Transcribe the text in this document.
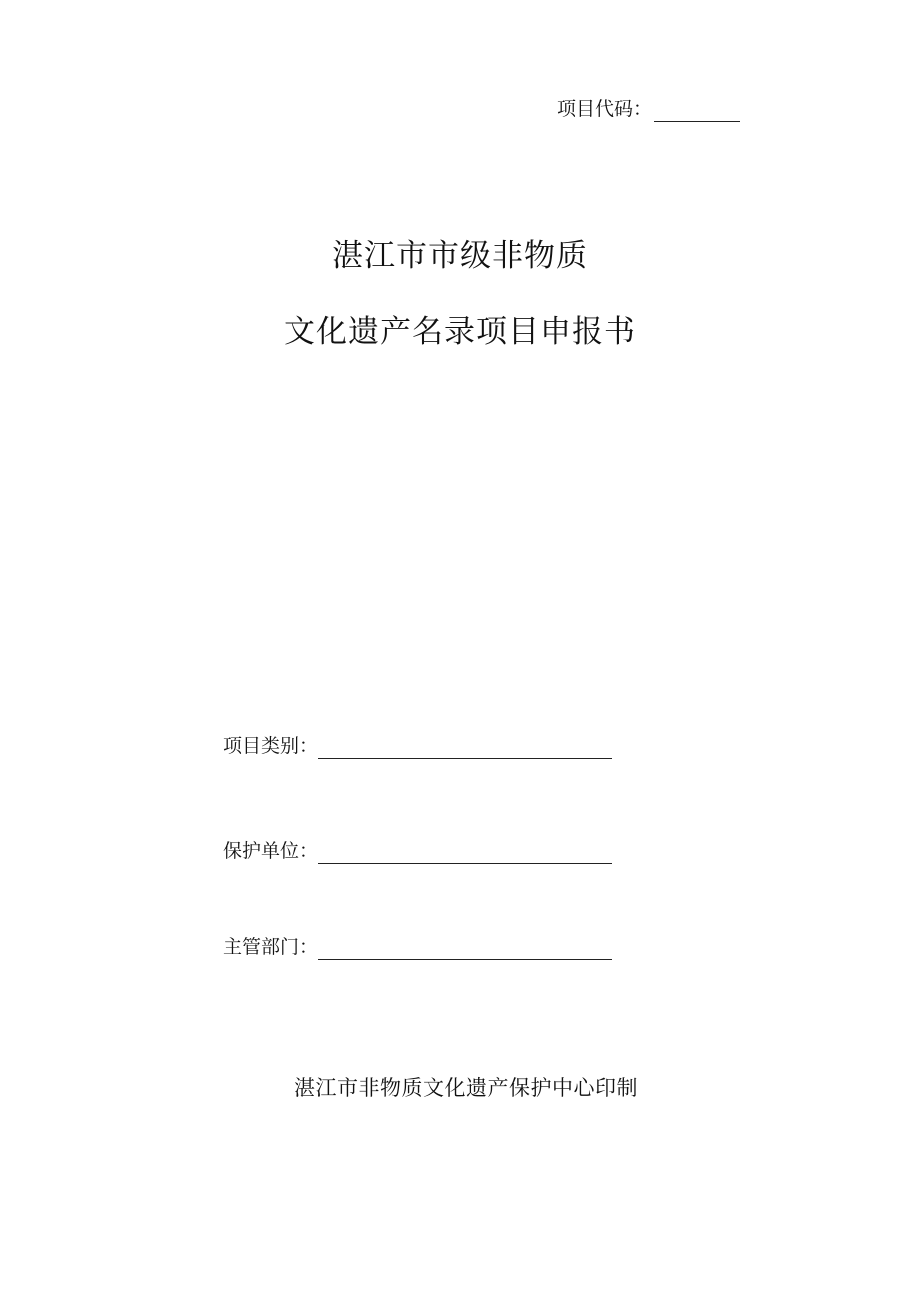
项目代码：
湛江市市级非物质
文化遗产名录项目申报书
项目类别：
保护单位：
主管部门：
湛江市非物质文化遗产保护中心印制
